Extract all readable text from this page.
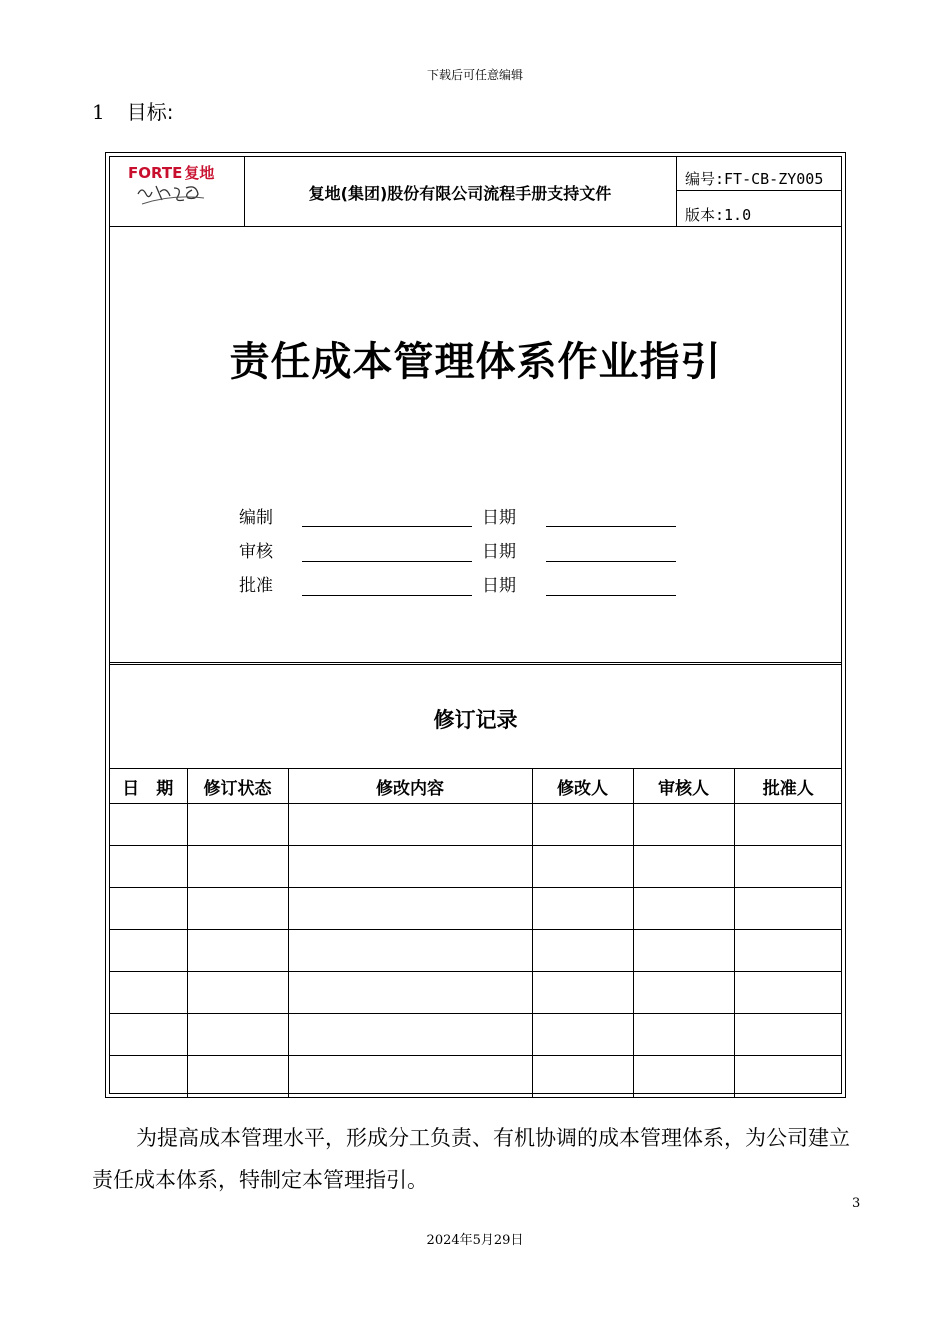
下载后可任意编辑
1 目标:
FORTE 复地
复地(集团)股份有限公司流程手册支持文件
编号:FT-CB-ZY005
版本:1.0
责任成本管理体系作业指引
编制	日期
审核	日期
批准	日期
修订记录
日　期	修订状态	修改内容	修改人	审核人	批准人

为提高成本管理水平，形成分工负责、有机协调的成本管理体系，为公司建立责任成本体系，特制定本管理指引。
3
2024年5月29日
